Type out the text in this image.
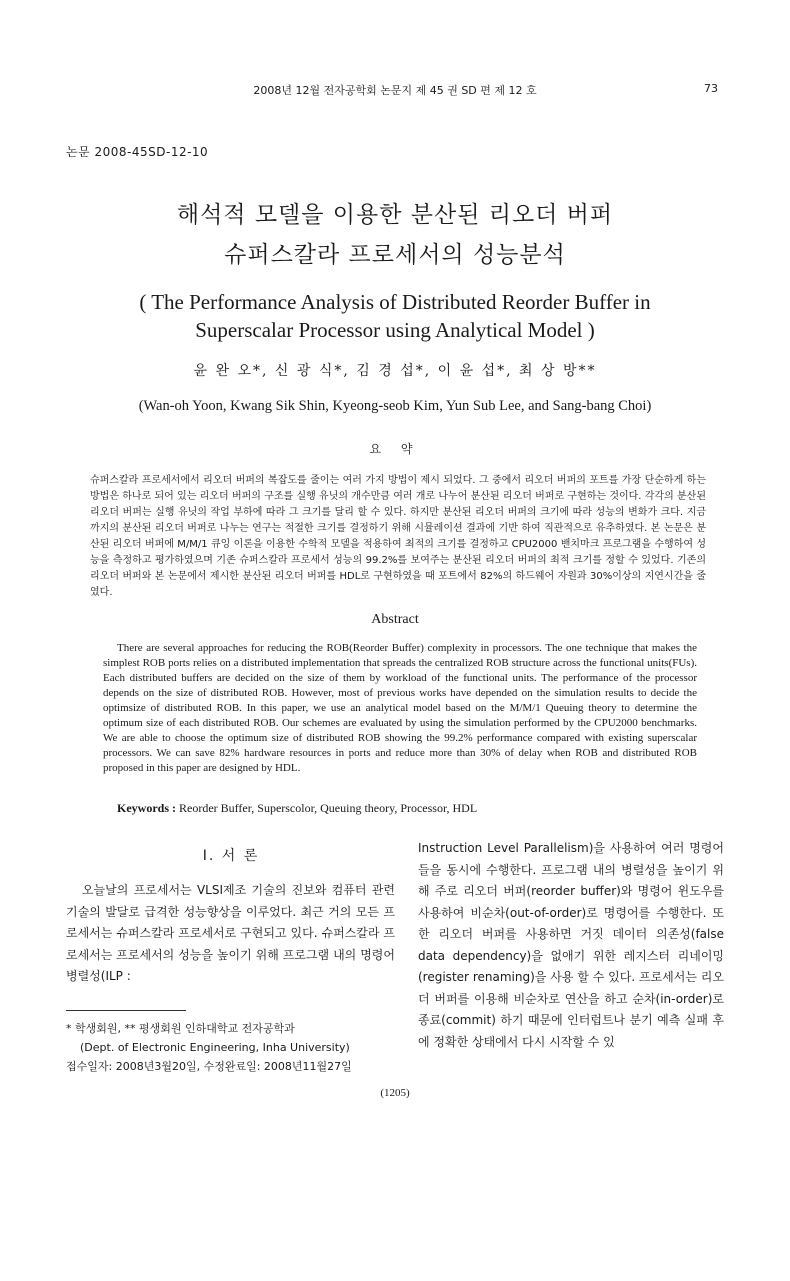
2008년 12월 전자공학회 논문지 제 45 권 SD 편 제 12 호	73
논문 2008-45SD-12-10
해석적 모델을 이용한 분산된 리오더 버퍼
슈퍼스칼라 프로세서의 성능분석
( The Performance Analysis of Distributed Reorder Buffer in
Superscalar Processor using Analytical Model )
윤 완 오*, 신 광 식*, 김 경 섭*, 이 윤 섭*, 최 상 방**
(Wan-oh Yoon, Kwang Sik Shin, Kyeong-seob Kim, Yun Sub Lee, and Sang-bang Choi)
요 약
슈퍼스칼라 프로세서에서 리오더 버퍼의 복잡도를 줄이는 여러 가지 방법이 제시 되었다. 그 중에서 리오더 버퍼의 포트를 가장 단순하게 하는 방법은 하나로 되어 있는 리오더 버퍼의 구조를 실행 유닛의 개수만큼 여러 개로 나누어 분산된 리오더 버퍼로 구현하는 것이다. 각각의 분산된 리오더 버퍼는 실행 유닛의 작업 부하에 따라 그 크기를 달리 할 수 있다. 하지만 분산된 리오더 버퍼의 크기에 따라 성능의 변화가 크다. 지금까지의 분산된 리오더 버퍼로 나누는 연구는 적절한 크기를 결정하기 위해 시뮬레이션 결과에 기반 하여 직관적으로 유추하였다. 본 논문은 분산된 리오더 버퍼에 M/M/1 큐잉 이론을 이용한 수학적 모델을 적용하여 최적의 크기를 결정하고 CPU2000 밴치마크 프로그램을 수행하여 성능을 측정하고 평가하였으며 기존 슈퍼스칼라 프로세서 성능의 99.2%를 보여주는 분산된 리오더 버퍼의 최적 크기를 정할 수 있었다. 기존의 리오더 버퍼와 본 논문에서 제시한 분산된 리오더 버퍼를 HDL로 구현하였을 때 포트에서 82%의 하드웨어 자원과 30%이상의 지연시간을 줄였다.
Abstract
There are several approaches for reducing the ROB(Reorder Buffer) complexity in processors. The one technique that makes the simplest ROB ports relies on a distributed implementation that spreads the centralized ROB structure across the functional units(FUs). Each distributed buffers are decided on the size of them by workload of the functional units. The performance of the processor depends on the size of distributed ROB. However, most of previous works have depended on the simulation results to decide the optimsize of distributed ROB. In this paper, we use an analytical model based on the M/M/1 Queuing theory to determine the optimum size of each distributed ROB. Our schemes are evaluated by using the simulation performed by the CPU2000 benchmarks. We are able to choose the optimum size of distributed ROB showing the 99.2% performance compared with existing superscalar processors. We can save 82% hardware resources in ports and reduce more than 30% of delay when ROB and distributed ROB proposed in this paper are designed by HDL.
Keywords : Reorder Buffer, Superscolor, Queuing theory, Processor, HDL
Ⅰ. 서 론
오늘날의 프로세서는 VLSI제조 기술의 진보와 컴퓨터 관련 기술의 발달로 급격한 성능향상을 이루었다. 최근 거의 모든 프로세서는 슈퍼스칼라 프로세서로 구현되고 있다. 슈퍼스칼라 프로세서는 프로세서의 성능을 높이기 위해 프로그램 내의 명령어 병렬성(ILP :
* 학생회원, ** 평생회원 인하대학교 전자공학과
(Dept. of Electronic Engineering, Inha University)
접수일자: 2008년3월20일, 수정완료일: 2008년11월27일
Instruction Level Parallelism)을 사용하여 여러 명령어들을 동시에 수행한다. 프로그램 내의 병렬성을 높이기 위해 주로 리오더 버퍼(reorder buffer)와 명령어 윈도우를 사용하여 비순차(out-of-order)로 명령어를 수행한다. 또한 리오더 버퍼를 사용하면 거짓 데이터 의존성(false data dependency)을 없애기 위한 레지스터 리네이밍(register renaming)을 사용 할 수 있다. 프로세서는 리오더 버퍼를 이용해 비순차로 연산을 하고 순차(in-order)로 종료(commit) 하기 때문에 인터럽트나 분기 예측 실패 후에 정확한 상태에서 다시 시작할 수 있
(1205)
